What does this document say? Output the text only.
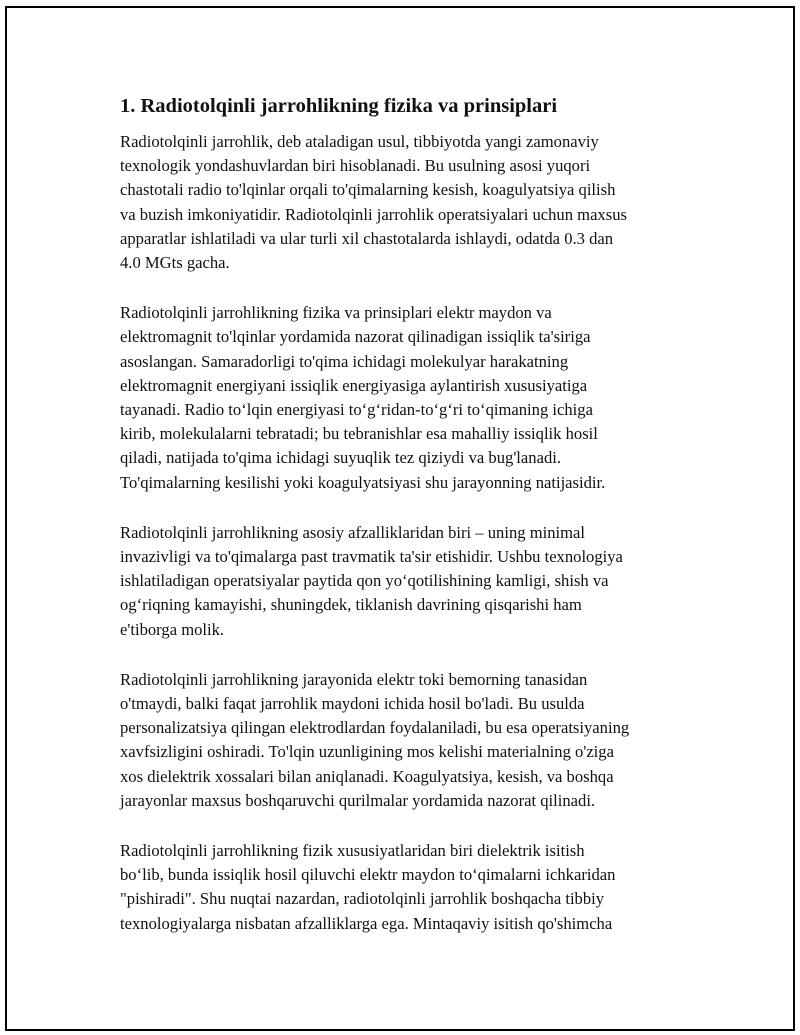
1. Radiotolqinli jarrohlikning fizika va prinsiplari

Radiotolqinli jarrohlik, deb ataladigan usul, tibbiyotda yangi zamonaviy
texnologik yondashuvlardan biri hisoblanadi. Bu usulning asosi yuqori
chastotali radio to'lqinlar orqali to'qimalarning kesish, koagulyatsiya qilish
va buzish imkoniyatidir. Radiotolqinli jarrohlik operatsiyalari uchun maxsus
apparatlar ishlatiladi va ular turli xil chastotalarda ishlaydi, odatda 0.3 dan
4.0 MGts gacha.

Radiotolqinli jarrohlikning fizika va prinsiplari elektr maydon va
elektromagnit to'lqinlar yordamida nazorat qilinadigan issiqlik ta'siriga
asoslangan. Samaradorligi to'qima ichidagi molekulyar harakatning
elektromagnit energiyani issiqlik energiyasiga aylantirish xususiyatiga
tayanadi. Radio to‘lqin energiyasi to‘g‘ridan-to‘g‘ri to‘qimaning ichiga
kirib, molekulalarni tebratadi; bu tebranishlar esa mahalliy issiqlik hosil
qiladi, natijada to'qima ichidagi suyuqlik tez qiziydi va bug'lanadi.
To'qimalarning kesilishi yoki koagulyatsiyasi shu jarayonning natijasidir.

Radiotolqinli jarrohlikning asosiy afzalliklaridan biri – uning minimal
invazivligi va to'qimalarga past travmatik ta'sir etishidir. Ushbu texnologiya
ishlatiladigan operatsiyalar paytida qon yo‘qotilishining kamligi, shish va
og‘riqning kamayishi, shuningdek, tiklanish davrining qisqarishi ham
e'tiborga molik.

Radiotolqinli jarrohlikning jarayonida elektr toki bemorning tanasidan
o'tmaydi, balki faqat jarrohlik maydoni ichida hosil bo'ladi. Bu usulda
personalizatsiya qilingan elektrodlardan foydalaniladi, bu esa operatsiyaning
xavfsizligini oshiradi. To'lqin uzunligining mos kelishi materialning o'ziga
xos dielektrik xossalari bilan aniqlanadi. Koagulyatsiya, kesish, va boshqa
jarayonlar maxsus boshqaruvchi qurilmalar yordamida nazorat qilinadi.

Radiotolqinli jarrohlikning fizik xususiyatlaridan biri dielektrik isitish
bo‘lib, bunda issiqlik hosil qiluvchi elektr maydon to‘qimalarni ichkaridan
"pishiradi". Shu nuqtai nazardan, radiotolqinli jarrohlik boshqacha tibbiy
texnologiyalarga nisbatan afzalliklarga ega. Mintaqaviy isitish qo'shimcha
